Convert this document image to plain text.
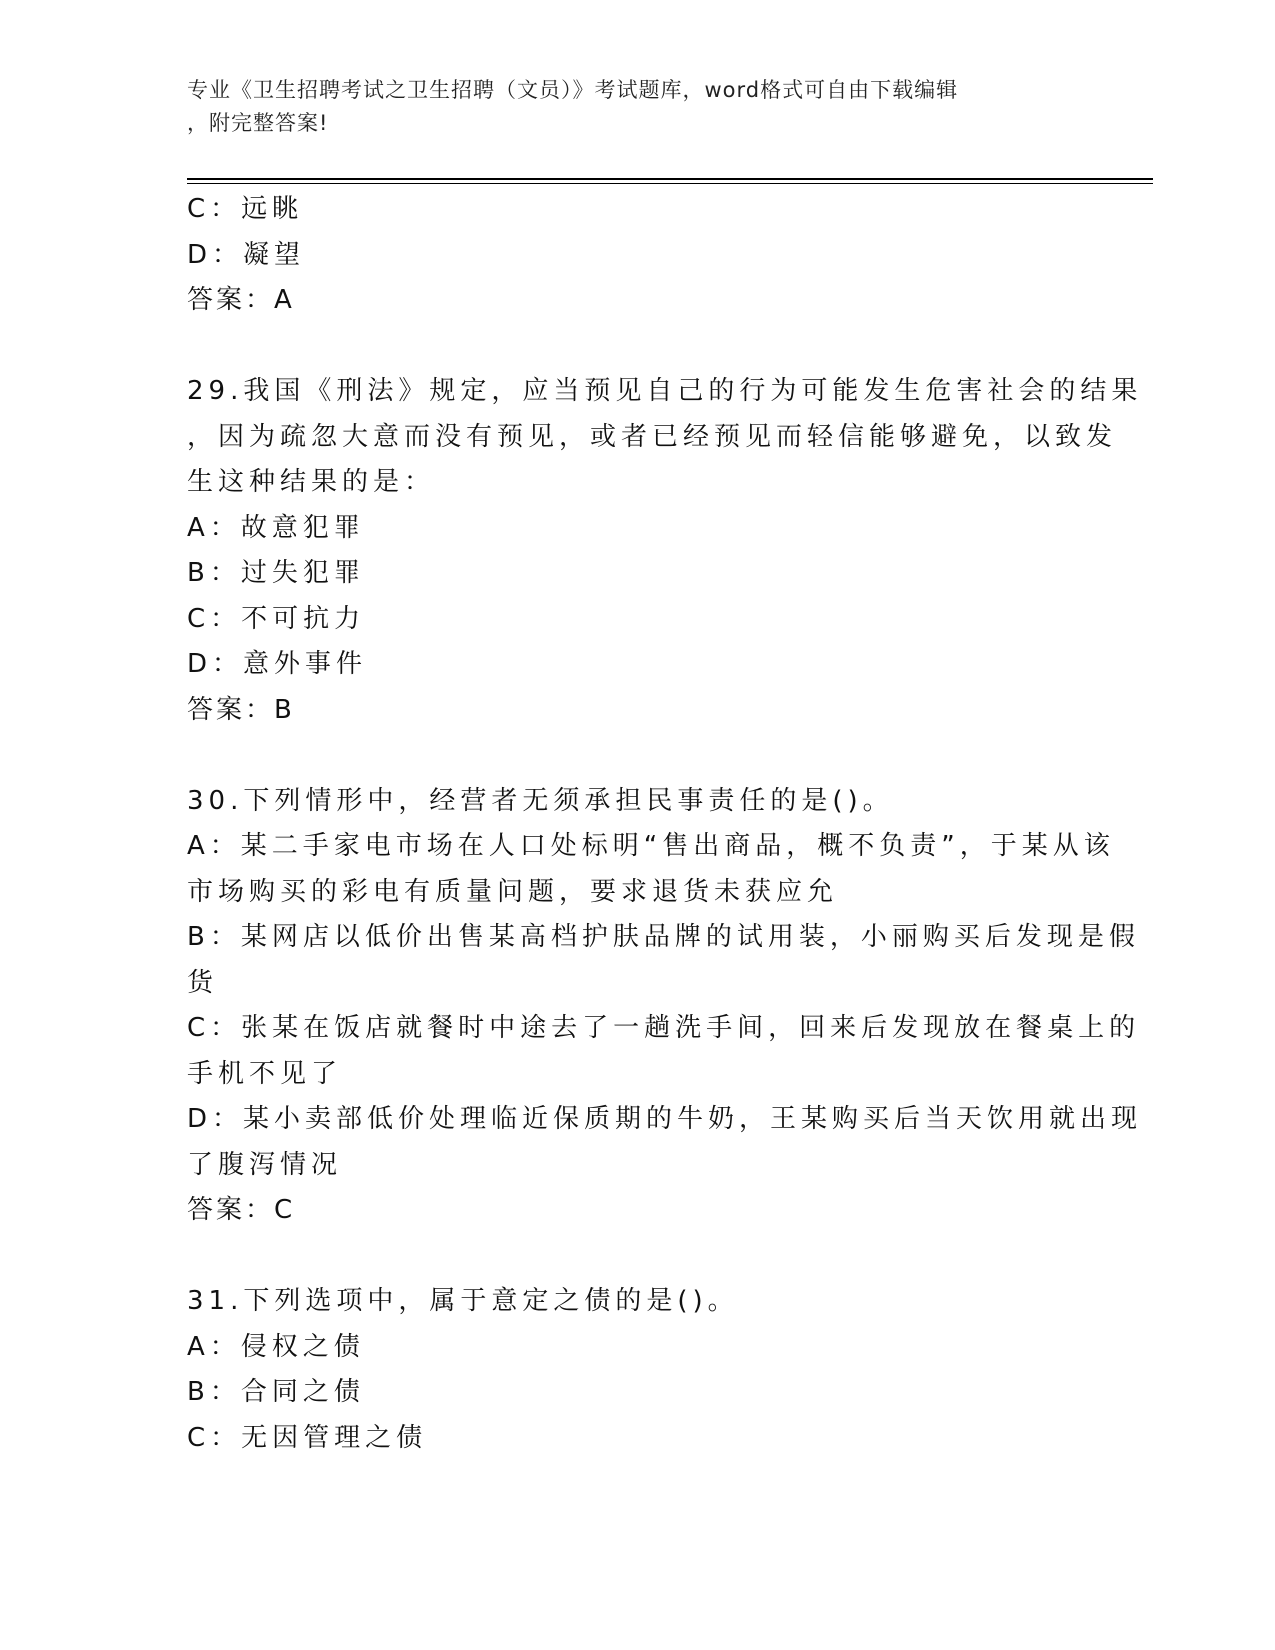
专业《卫生招聘考试之卫生招聘（文员）》考试题库，word格式可自由下载编辑
，附完整答案!
C：远眺
D：凝望
答案：A
29.我国《刑法》规定，应当预见自己的行为可能发生危害社会的结果
，因为疏忽大意而没有预见，或者已经预见而轻信能够避免，以致发
生这种结果的是：
A：故意犯罪
B：过失犯罪
C：不可抗力
D：意外事件
答案：B
30.下列情形中，经营者无须承担民事责任的是()。
A：某二手家电市场在人口处标明“售出商品，概不负责”，于某从该
市场购买的彩电有质量问题，要求退货未获应允
B：某网店以低价出售某高档护肤品牌的试用装，小丽购买后发现是假
货
C：张某在饭店就餐时中途去了一趟洗手间，回来后发现放在餐桌上的
手机不见了
D：某小卖部低价处理临近保质期的牛奶，王某购买后当天饮用就出现
了腹泻情况
答案：C
31.下列选项中，属于意定之债的是()。
A：侵权之债
B：合同之债
C：无因管理之债
